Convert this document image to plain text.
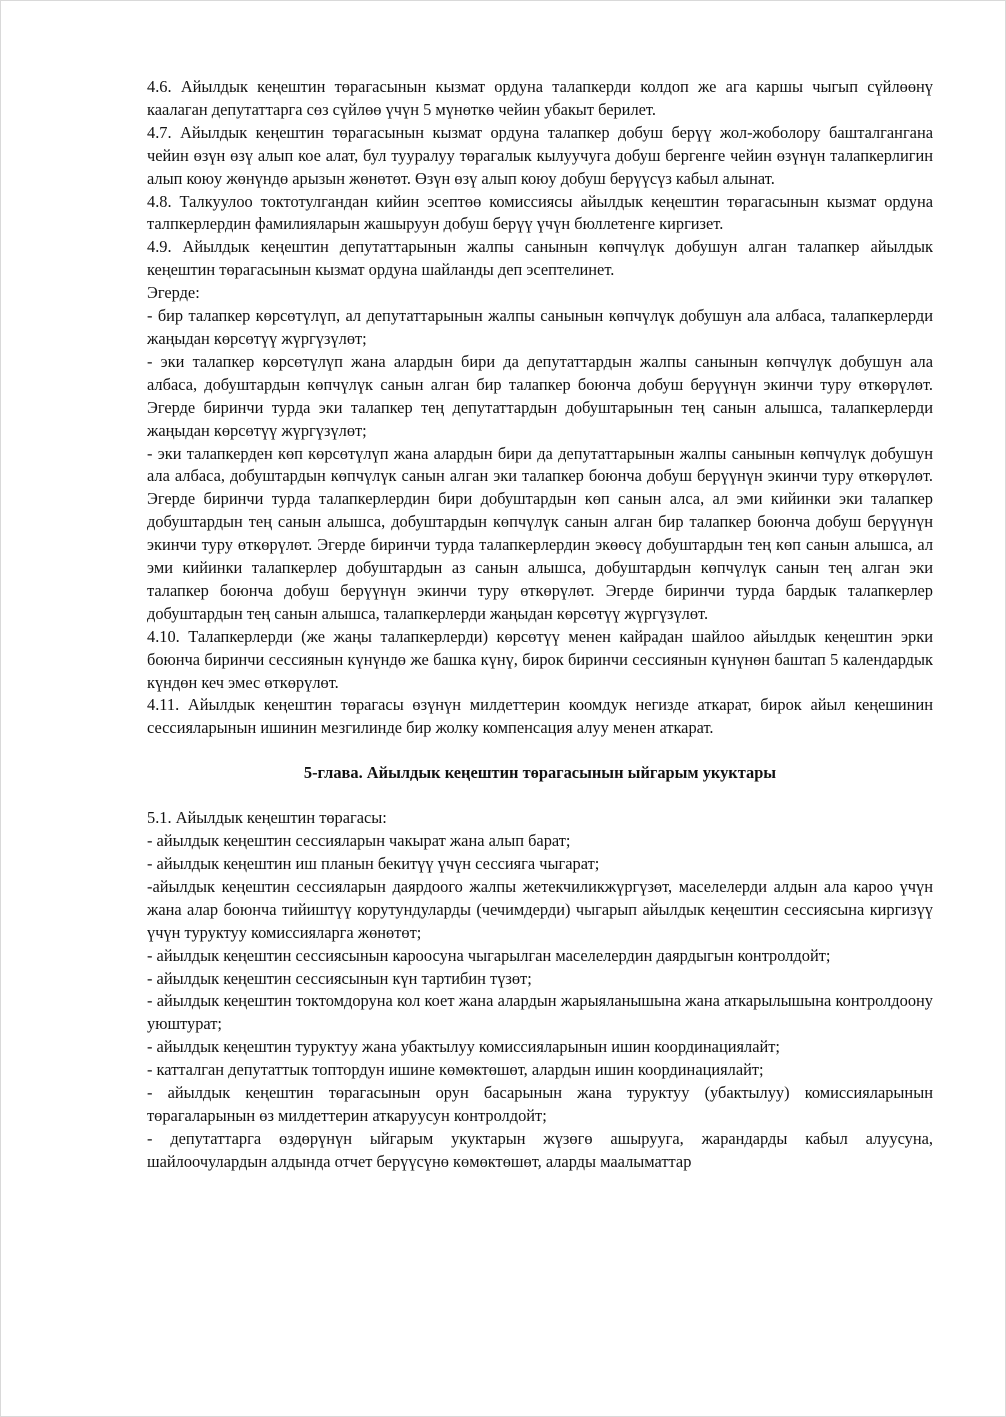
4.6. Айылдык кеңештин төрагасынын кызмат ордуна талапкерди колдоп же ага каршы чыгып сүйлөөнү каалаган депутаттарга сөз сүйлөө үчүн 5 мүнөткө чейин убакыт берилет.

4.7. Айылдык кеңештин төрагасынын кызмат ордуна талапкер добуш берүү жол-жоболору башталгангана чейин өзүн өзү алып кое алат, бул тууралуу төрагалык кылуучуга добуш бергенге чейин өзүнүн талапкерлигин алып коюу жөнүндө арызын жөнөтөт. Өзүн өзү алып коюу добуш берүүсүз кабыл алынат.

4.8. Талкуулоо токтотулгандан кийин эсептөө комиссиясы айылдык кеңештин төрагасынын кызмат ордуна талпкерлердин фамилияларын жашыруун добуш берүү үчүн бюллетенге киргизет.

4.9. Айылдык кеңештин депутаттарынын жалпы санынын көпчүлүк добушун алган талапкер айылдык кеңештин төрагасынын кызмат ордуна шайланды деп эсептелинет.

Эгерде:

- бир талапкер көрсөтүлүп, ал депутаттарынын жалпы санынын көпчүлүк добушун ала албаса, талапкерлерди жаңыдан көрсөтүү жүргүзүлөт;

- эки талапкер көрсөтүлүп жана алардын бири да депутаттардын жалпы санынын көпчүлүк добушун ала албаса, добуштардын көпчүлүк санын алган бир талапкер боюнча добуш берүүнүн экинчи туру өткөрүлөт. Эгерде биринчи турда эки талапкер тең депутаттардын добуштарынын тең санын алышса, талапкерлерди жаңыдан көрсөтүү жүргүзүлөт;

- эки талапкерден көп көрсөтүлүп жана алардын бири да депутаттарынын жалпы санынын көпчүлүк добушун ала албаса, добуштардын көпчүлүк санын алган эки талапкер боюнча добуш берүүнүн экинчи туру өткөрүлөт. Эгерде биринчи турда талапкерлердин бири добуштардын көп санын алса, ал эми кийинки эки талапкер добуштардын тең санын алышса, добуштардын көпчүлүк санын алган бир талапкер боюнча добуш берүүнүн экинчи туру өткөрүлөт. Эгерде биринчи турда талапкерлердин экөөсү добуштардын тең көп санын алышса, ал эми кийинки талапкерлер добуштардын аз санын алышса, добуштардын көпчүлүк санын тең алган эки талапкер боюнча добуш берүүнүн экинчи туру өткөрүлөт. Эгерде биринчи турда бардык талапкерлер добуштардын тең санын алышса, талапкерлерди жаңыдан көрсөтүү жүргүзүлөт.

4.10. Талапкерлерди (же жаңы талапкерлерди) көрсөтүү менен кайрадан шайлоо айылдык кеңештин эрки боюнча биринчи сессиянын күнүндө же башка күнү, бирок биринчи сессиянын күнүнөн баштап 5 календардык күндөн кеч эмес өткөрүлөт.

4.11. Айылдык кеңештин төрагасы өзүнүн милдеттерин коомдук негизде аткарат, бирок айыл кеңешинин сессияларынын ишинин мезгилинде бир жолку компенсация алуу менен аткарат.

5-глава. Айылдык кеңештин төрагасынын ыйгарым укуктары

5.1. Айылдык кеңештин төрагасы:

- айылдык кеңештин сессияларын чакырат жана алып барат;

- айылдык кеңештин иш планын бекитүү үчүн сессияга чыгарат;

-айылдык кеңештин сессияларын даярдоого жалпы жетекчиликжүргүзөт, маселелерди алдын ала карoo үчүн жана алар боюнча тийиштүү корутундуларды (чечимдерди) чыгарып айылдык кеңештин сессиясына киргизүү үчүн туруктуу комиссияларга жөнөтөт;

- айылдык кеңештин сессиясынын кароосуна чыгарылган маселелердин даярдыгын контролдойт;

- айылдык кеңештин сессиясынын күн тартибин түзөт;

- айылдык кеңештин токтомдоруна кол коет жана алардын жарыяланышына жана аткарылышына контролдоону уюштурат;

- айылдык кеңештин туруктуу жана убактылуу комиссияларынын ишин координациялайт;

- катталган депутаттык топтордун ишине көмөктөшөт, алардын ишин координациялайт;

- айылдык кеңештин төрагасынын орун басарынын жана туруктуу (убактылуу) комиссияларынын төрагаларынын өз милдеттерин аткаруусун контролдойт;

- депутаттарга өздөрүнүн ыйгарым укуктарын жүзөгө ашырууга, жарандарды кабыл алуусуна, шайлоочулардын алдында отчет берүүсүнө көмөктөшөт, аларды маалыматтар
